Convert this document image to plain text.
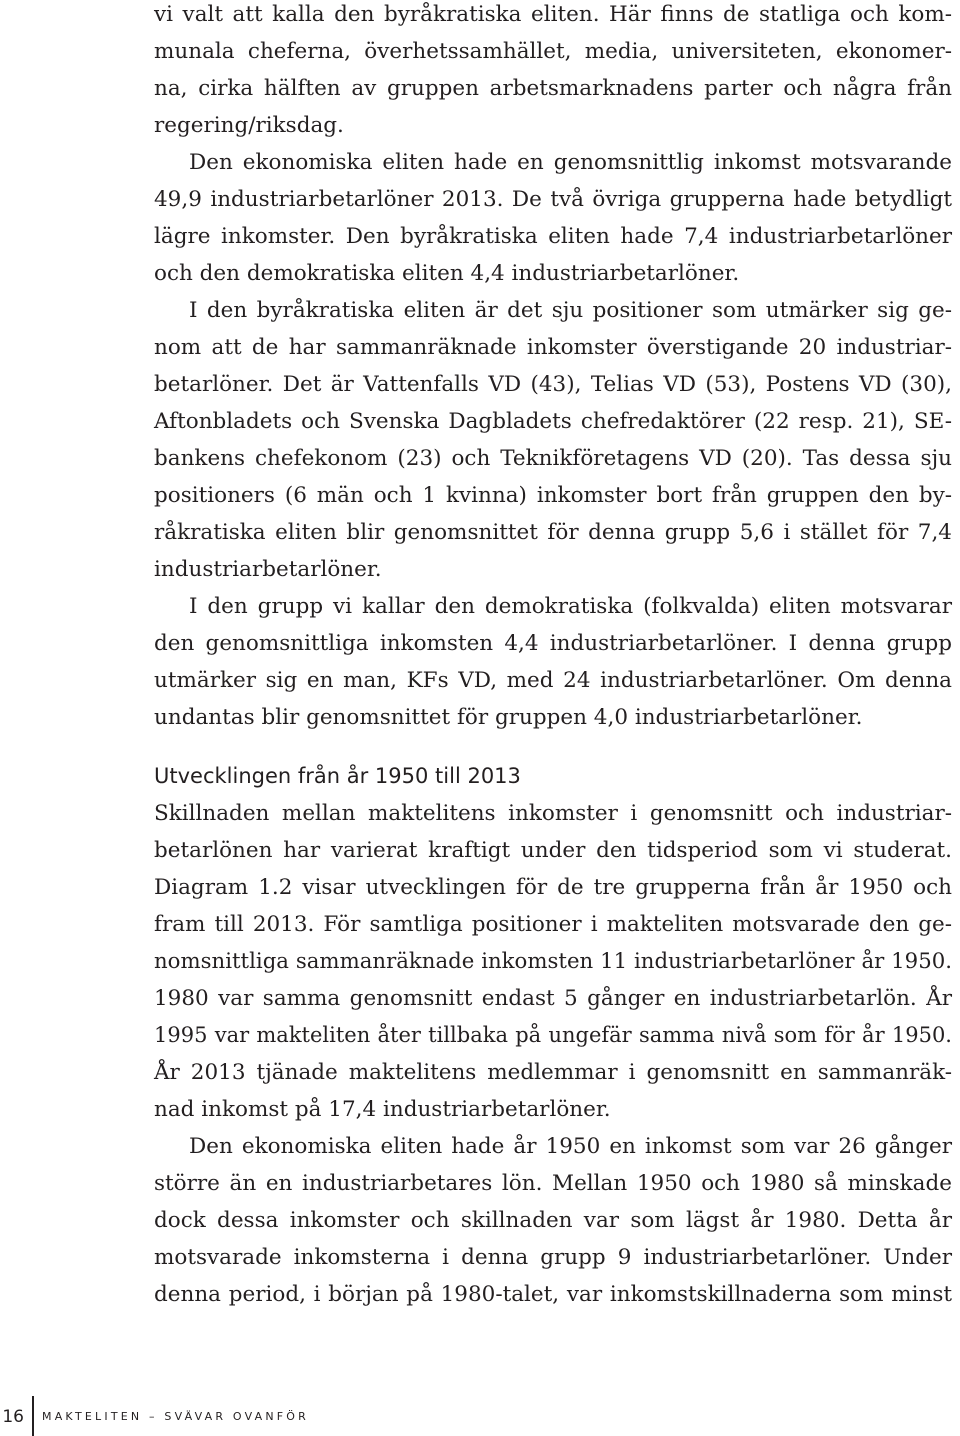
vi valt att kalla den byråkratiska eliten. Här finns de statliga och kom-
munala cheferna, överhetssamhället, media, universiteten, ekonomer-
na, cirka hälften av gruppen arbetsmarknadens parter och några från
regering/riksdag.
Den ekonomiska eliten hade en genomsnittlig inkomst motsvarande
49,9 industriarbetarlöner 2013. De två övriga grupperna hade betydligt
lägre inkomster. Den byråkratiska eliten hade 7,4 industriarbetarlöner
och den demokratiska eliten 4,4 industriarbetarlöner.
I den byråkratiska eliten är det sju positioner som utmärker sig ge-
nom att de har sammanräknade inkomster överstigande 20 industriar-
betarlöner. Det är Vattenfalls VD (43), Telias VD (53), Postens VD (30),
Aftonbladets och Svenska Dagbladets chefredaktörer (22 resp. 21), SE-
bankens chefekonom (23) och Teknikföretagens VD (20). Tas dessa sju
positioners (6 män och 1 kvinna) inkomster bort från gruppen den by-
råkratiska eliten blir genomsnittet för denna grupp 5,6 i stället för 7,4
industriarbetarlöner.
I den grupp vi kallar den demokratiska (folkvalda) eliten motsvarar
den genomsnittliga inkomsten 4,4 industriarbetarlöner. I denna grupp
utmärker sig en man, KFs VD, med 24 industriarbetarlöner. Om denna
undantas blir genomsnittet för gruppen 4,0 industriarbetarlöner.
Utvecklingen från år 1950 till 2013
Skillnaden mellan maktelitens inkomster i genomsnitt och industriar-
betarlönen har varierat kraftigt under den tidsperiod som vi studerat.
Diagram 1.2 visar utvecklingen för de tre grupperna från år 1950 och
fram till 2013. För samtliga positioner i makteliten motsvarade den ge-
nomsnittliga sammanräknade inkomsten 11 industriarbetarlöner år 1950.
1980 var samma genomsnitt endast 5 gånger en industriarbetarlön. År
1995 var makteliten åter tillbaka på ungefär samma nivå som för år 1950.
År 2013 tjänade maktelitens medlemmar i genomsnitt en sammanräk-
nad inkomst på 17,4 industriarbetarlöner.
Den ekonomiska eliten hade år 1950 en inkomst som var 26 gånger
större än en industriarbetares lön. Mellan 1950 och 1980 så minskade
dock dessa inkomster och skillnaden var som lägst år 1980. Detta år
motsvarade inkomsterna i denna grupp 9 industriarbetarlöner. Under
denna period, i början på 1980-talet, var inkomstskillnaderna som minst
16 MAKTELITEN – SVÄVAR OVANFÖR
